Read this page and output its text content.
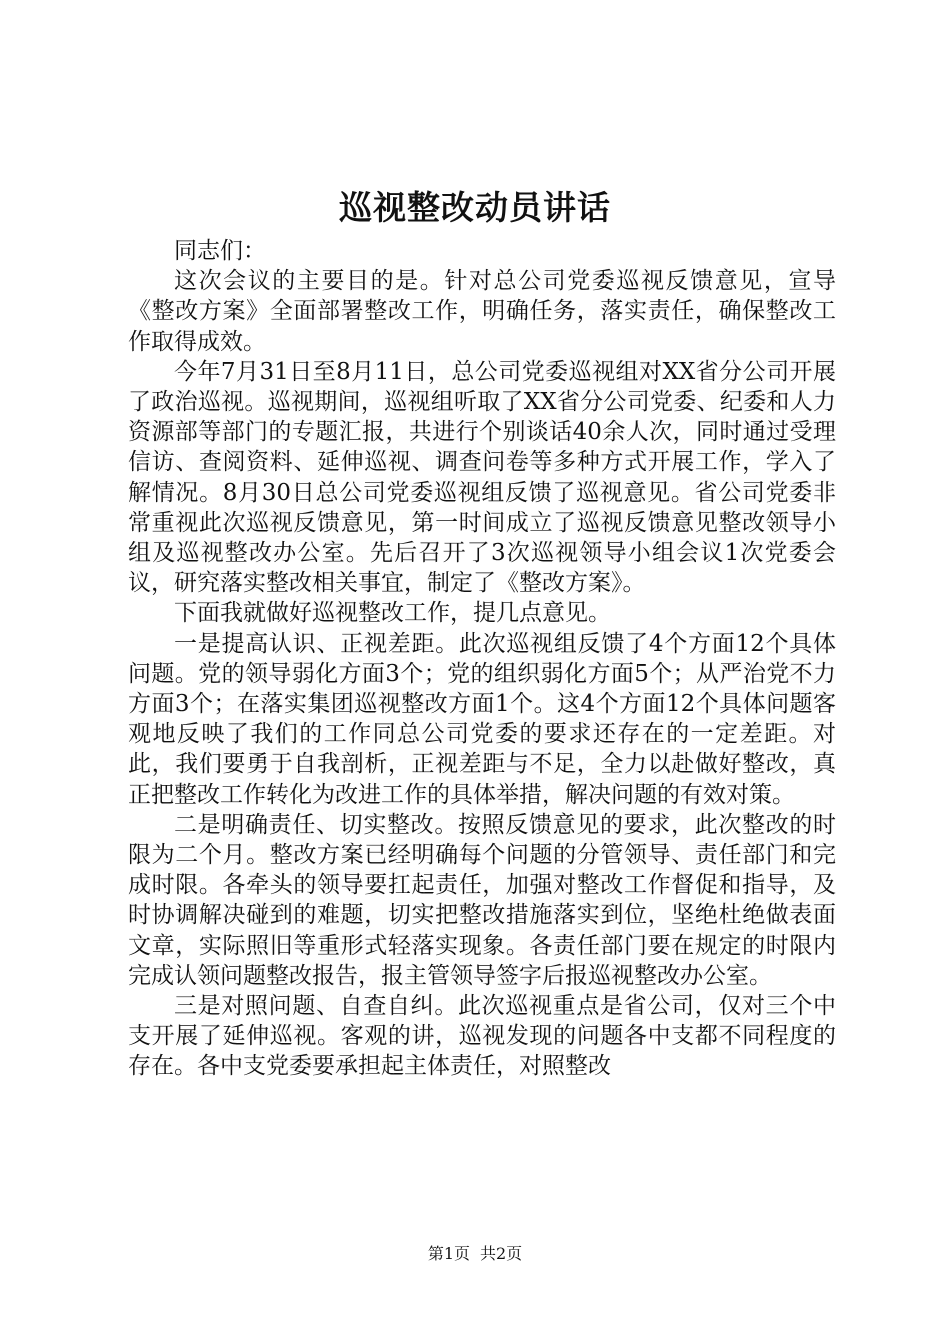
巡视整改动员讲话

同志们：

这次会议的主要目的是。针对总公司党委巡视反馈意见，宣导《整改方案》全面部署整改工作，明确任务，落实责任，确保整改工作取得成效。

今年7月31日至8月11日，总公司党委巡视组对XX省分公司开展了政治巡视。巡视期间，巡视组听取了XX省分公司党委、纪委和人力资源部等部门的专题汇报，共进行个别谈话40余人次，同时通过受理信访、查阅资料、延伸巡视、调查问卷等多种方式开展工作，学入了解情况。8月30日总公司党委巡视组反馈了巡视意见。省公司党委非常重视此次巡视反馈意见，第一时间成立了巡视反馈意见整改领导小组及巡视整改办公室。先后召开了3次巡视领导小组会议1次党委会议，研究落实整改相关事宜，制定了《整改方案》。

下面我就做好巡视整改工作，提几点意见。

一是提高认识、正视差距。此次巡视组反馈了4个方面12个具体问题。党的领导弱化方面3个；党的组织弱化方面5个；从严治党不力方面3个；在落实集团巡视整改方面1个。这4个方面12个具体问题客观地反映了我们的工作同总公司党委的要求还存在的一定差距。对此，我们要勇于自我剖析，正视差距与不足，全力以赴做好整改，真正把整改工作转化为改进工作的具体举措，解决问题的有效对策。

二是明确责任、切实整改。按照反馈意见的要求，此次整改的时限为二个月。整改方案已经明确每个问题的分管领导、责任部门和完成时限。各牵头的领导要扛起责任，加强对整改工作督促和指导，及时协调解决碰到的难题，切实把整改措施落实到位，坚绝杜绝做表面文章，实际照旧等重形式轻落实现象。各责任部门要在规定的时限内完成认领问题整改报告，报主管领导签字后报巡视整改办公室。

三是对照问题、自查自纠。此次巡视重点是省公司，仅对三个中支开展了延伸巡视。客观的讲，巡视发现的问题各中支都不同程度的存在。各中支党委要承担起主体责任，对照整改

第1页 共2页
